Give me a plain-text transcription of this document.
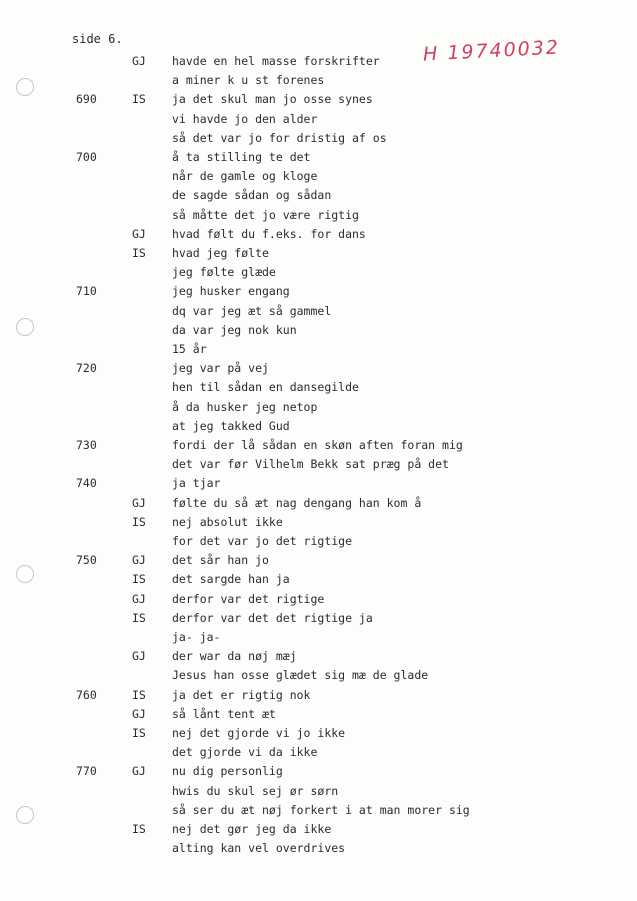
side 6.	H 19740032
GJ havde en hel masse forskrifter
a miner k u st forenes
690	IS ja det skul man jo osse synes
vi havde jo den alder
så det var jo for dristig af os
700	å ta stilling te det
når de gamle og kloge
de sagde sådan og sådan
så måtte det jo være rigtig
GJ hvad følt du f.eks. for dans
IS hvad jeg følte
jeg følte glæde
710	jeg husker engang
dq var jeg æt så gammel
da var jeg nok kun
15 år
720	jeg var på vej
hen til sådan en dansegilde
å da husker jeg netop
at jeg takked Gud
730	fordi der lå sådan en skøn aften foran mig
det var før Vilhelm Bekk sat præg på det
740	ja tjar
GJ følte du så æt nag dengang han kom å
IS nej absolut ikke
for det var jo det rigtige
750	GJ det sår han jo
IS det sargde han ja
GJ derfor var det rigtige
IS derfor var det det rigtige ja
ja- ja-
GJ der war da nøj mæj
Jesus han osse glædet sig mæ de glade
760	IS ja det er rigtig nok
GJ så lånt tent æt
IS nej det gjorde vi jo ikke
det gjorde vi da ikke
770	GJ nu dig personlig
hwis du skul sej ør sørn
så ser du æt nøj forkert i at man morer sig
IS nej det gør jeg da ikke
alting kan vel overdrives
